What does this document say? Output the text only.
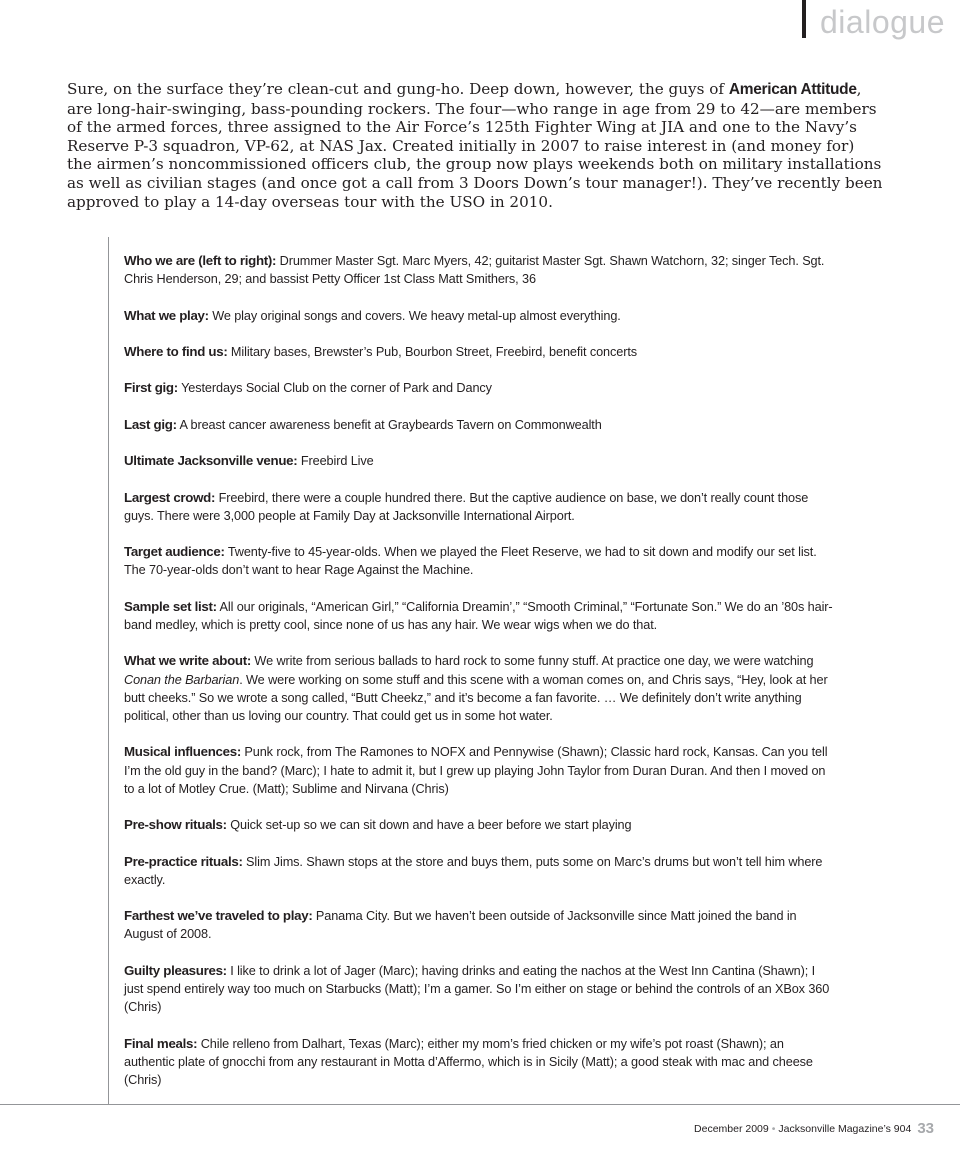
dialogue

Sure, on the surface they’re clean-cut and gung-ho. Deep down, however, the guys of American Attitude, are long-hair-swinging, bass-pounding rockers. The four—who range in age from 29 to 42—are members of the armed forces, three assigned to the Air Force’s 125th Fighter Wing at JIA and one to the Navy’s Reserve P-3 squadron, VP-62, at NAS Jax. Created initially in 2007 to raise interest in (and money for) the airmen’s noncommissioned officers club, the group now plays weekends both on military installations as well as civilian stages (and once got a call from 3 Doors Down’s tour manager!). They’ve recently been approved to play a 14-day overseas tour with the USO in 2010.

Who we are (left to right): Drummer Master Sgt. Marc Myers, 42; guitarist Master Sgt. Shawn Watchorn, 32; singer Tech. Sgt. Chris Henderson, 29; and bassist Petty Officer 1st Class Matt Smithers, 36
What we play: We play original songs and covers. We heavy metal-up almost everything.
Where to find us: Military bases, Brewster’s Pub, Bourbon Street, Freebird, benefit concerts
First gig: Yesterdays Social Club on the corner of Park and Dancy
Last gig: A breast cancer awareness benefit at Graybeards Tavern on Commonwealth
Ultimate Jacksonville venue: Freebird Live
Largest crowd: Freebird, there were a couple hundred there. But the captive audience on base, we don’t really count those guys. There were 3,000 people at Family Day at Jacksonville International Airport.
Target audience: Twenty-five to 45-year-olds. When we played the Fleet Reserve, we had to sit down and modify our set list. The 70-year-olds don’t want to hear Rage Against the Machine.
Sample set list: All our originals, “American Girl,” “California Dreamin’,” “Smooth Criminal,” “Fortunate Son.” We do an ’80s hair-band medley, which is pretty cool, since none of us has any hair. We wear wigs when we do that.
What we write about: We write from serious ballads to hard rock to some funny stuff. At practice one day, we were watching Conan the Barbarian. We were working on some stuff and this scene with a woman comes on, and Chris says, “Hey, look at her butt cheeks.” So we wrote a song called, “Butt Cheekz,” and it’s become a fan favorite. … We definitely don’t write anything political, other than us loving our country. That could get us in some hot water.
Musical influences: Punk rock, from The Ramones to NOFX and Pennywise (Shawn); Classic hard rock, Kansas. Can you tell I’m the old guy in the band? (Marc); I hate to admit it, but I grew up playing John Taylor from Duran Duran. And then I moved on to a lot of Motley Crue. (Matt); Sublime and Nirvana (Chris)
Pre-show rituals: Quick set-up so we can sit down and have a beer before we start playing
Pre-practice rituals: Slim Jims. Shawn stops at the store and buys them, puts some on Marc’s drums but won’t tell him where exactly.
Farthest we’ve traveled to play: Panama City. But we haven’t been outside of Jacksonville since Matt joined the band in August of 2008.
Guilty pleasures: I like to drink a lot of Jager (Marc); having drinks and eating the nachos at the West Inn Cantina (Shawn); I just spend entirely way too much on Starbucks (Matt); I’m a gamer. So I’m either on stage or behind the controls of an XBox 360 (Chris)
Final meals: Chile relleno from Dalhart, Texas (Marc); either my mom’s fried chicken or my wife’s pot roast (Shawn); an authentic plate of gnocchi from any restaurant in Motta d’Affermo, which is in Sicily (Matt); a good steak with mac and cheese (Chris)
December 2009 • Jacksonville Magazine’s 904 33
